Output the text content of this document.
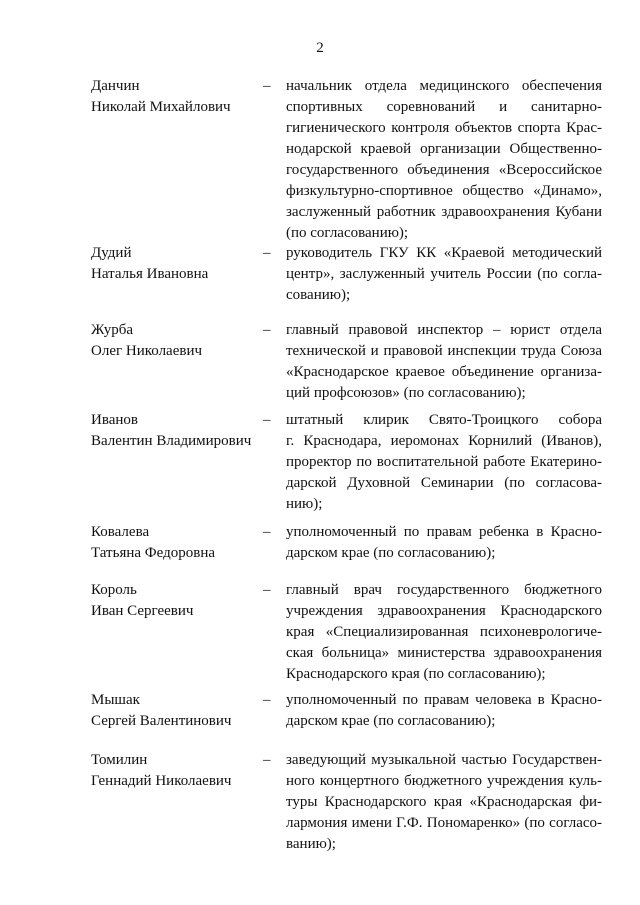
2
Данчин
Николай Михайлович
– начальник отдела медицинского обеспечения
спортивных соревнований и санитарно-
гигиенического контроля объектов спорта Крас-
нодарской краевой организации Общественно-
государственного объединения «Всероссийское
физкультурно-спортивное общество «Динамо»,
заслуженный работник здравоохранения Кубани
(по согласованию);
Дудий
Наталья Ивановна
– руководитель ГКУ КК «Краевой методический
центр», заслуженный учитель России (по согла-
сованию);
Журба
Олег Николаевич
– главный правовой инспектор – юрист отдела
технической и правовой инспекции труда Союза
«Краснодарское краевое объединение организа-
ций профсоюзов» (по согласованию);
Иванов
Валентин Владимирович
– штатный клирик Свято-Троицкого собора
г. Краснодара, иеромонах Корнилий (Иванов),
проректор по воспитательной работе Екатерино-
дарской Духовной Семинарии (по согласова-
нию);
Ковалева
Татьяна Федоровна
– уполномоченный по правам ребенка в Красно-
дарском крае (по согласованию);
Король
Иван Сергеевич
– главный врач государственного бюджетного
учреждения здравоохранения Краснодарского
края «Специализированная психоневрологиче-
ская больница» министерства здравоохранения
Краснодарского края (по согласованию);
Мышак
Сергей Валентинович
– уполномоченный по правам человека в Красно-
дарском крае (по согласованию);
Томилин
Геннадий Николаевич
– заведующий музыкальной частью Государствен-
ного концертного бюджетного учреждения куль-
туры Краснодарского края «Краснодарская фи-
лармония имени Г.Ф. Пономаренко» (по согласо-
ванию);
